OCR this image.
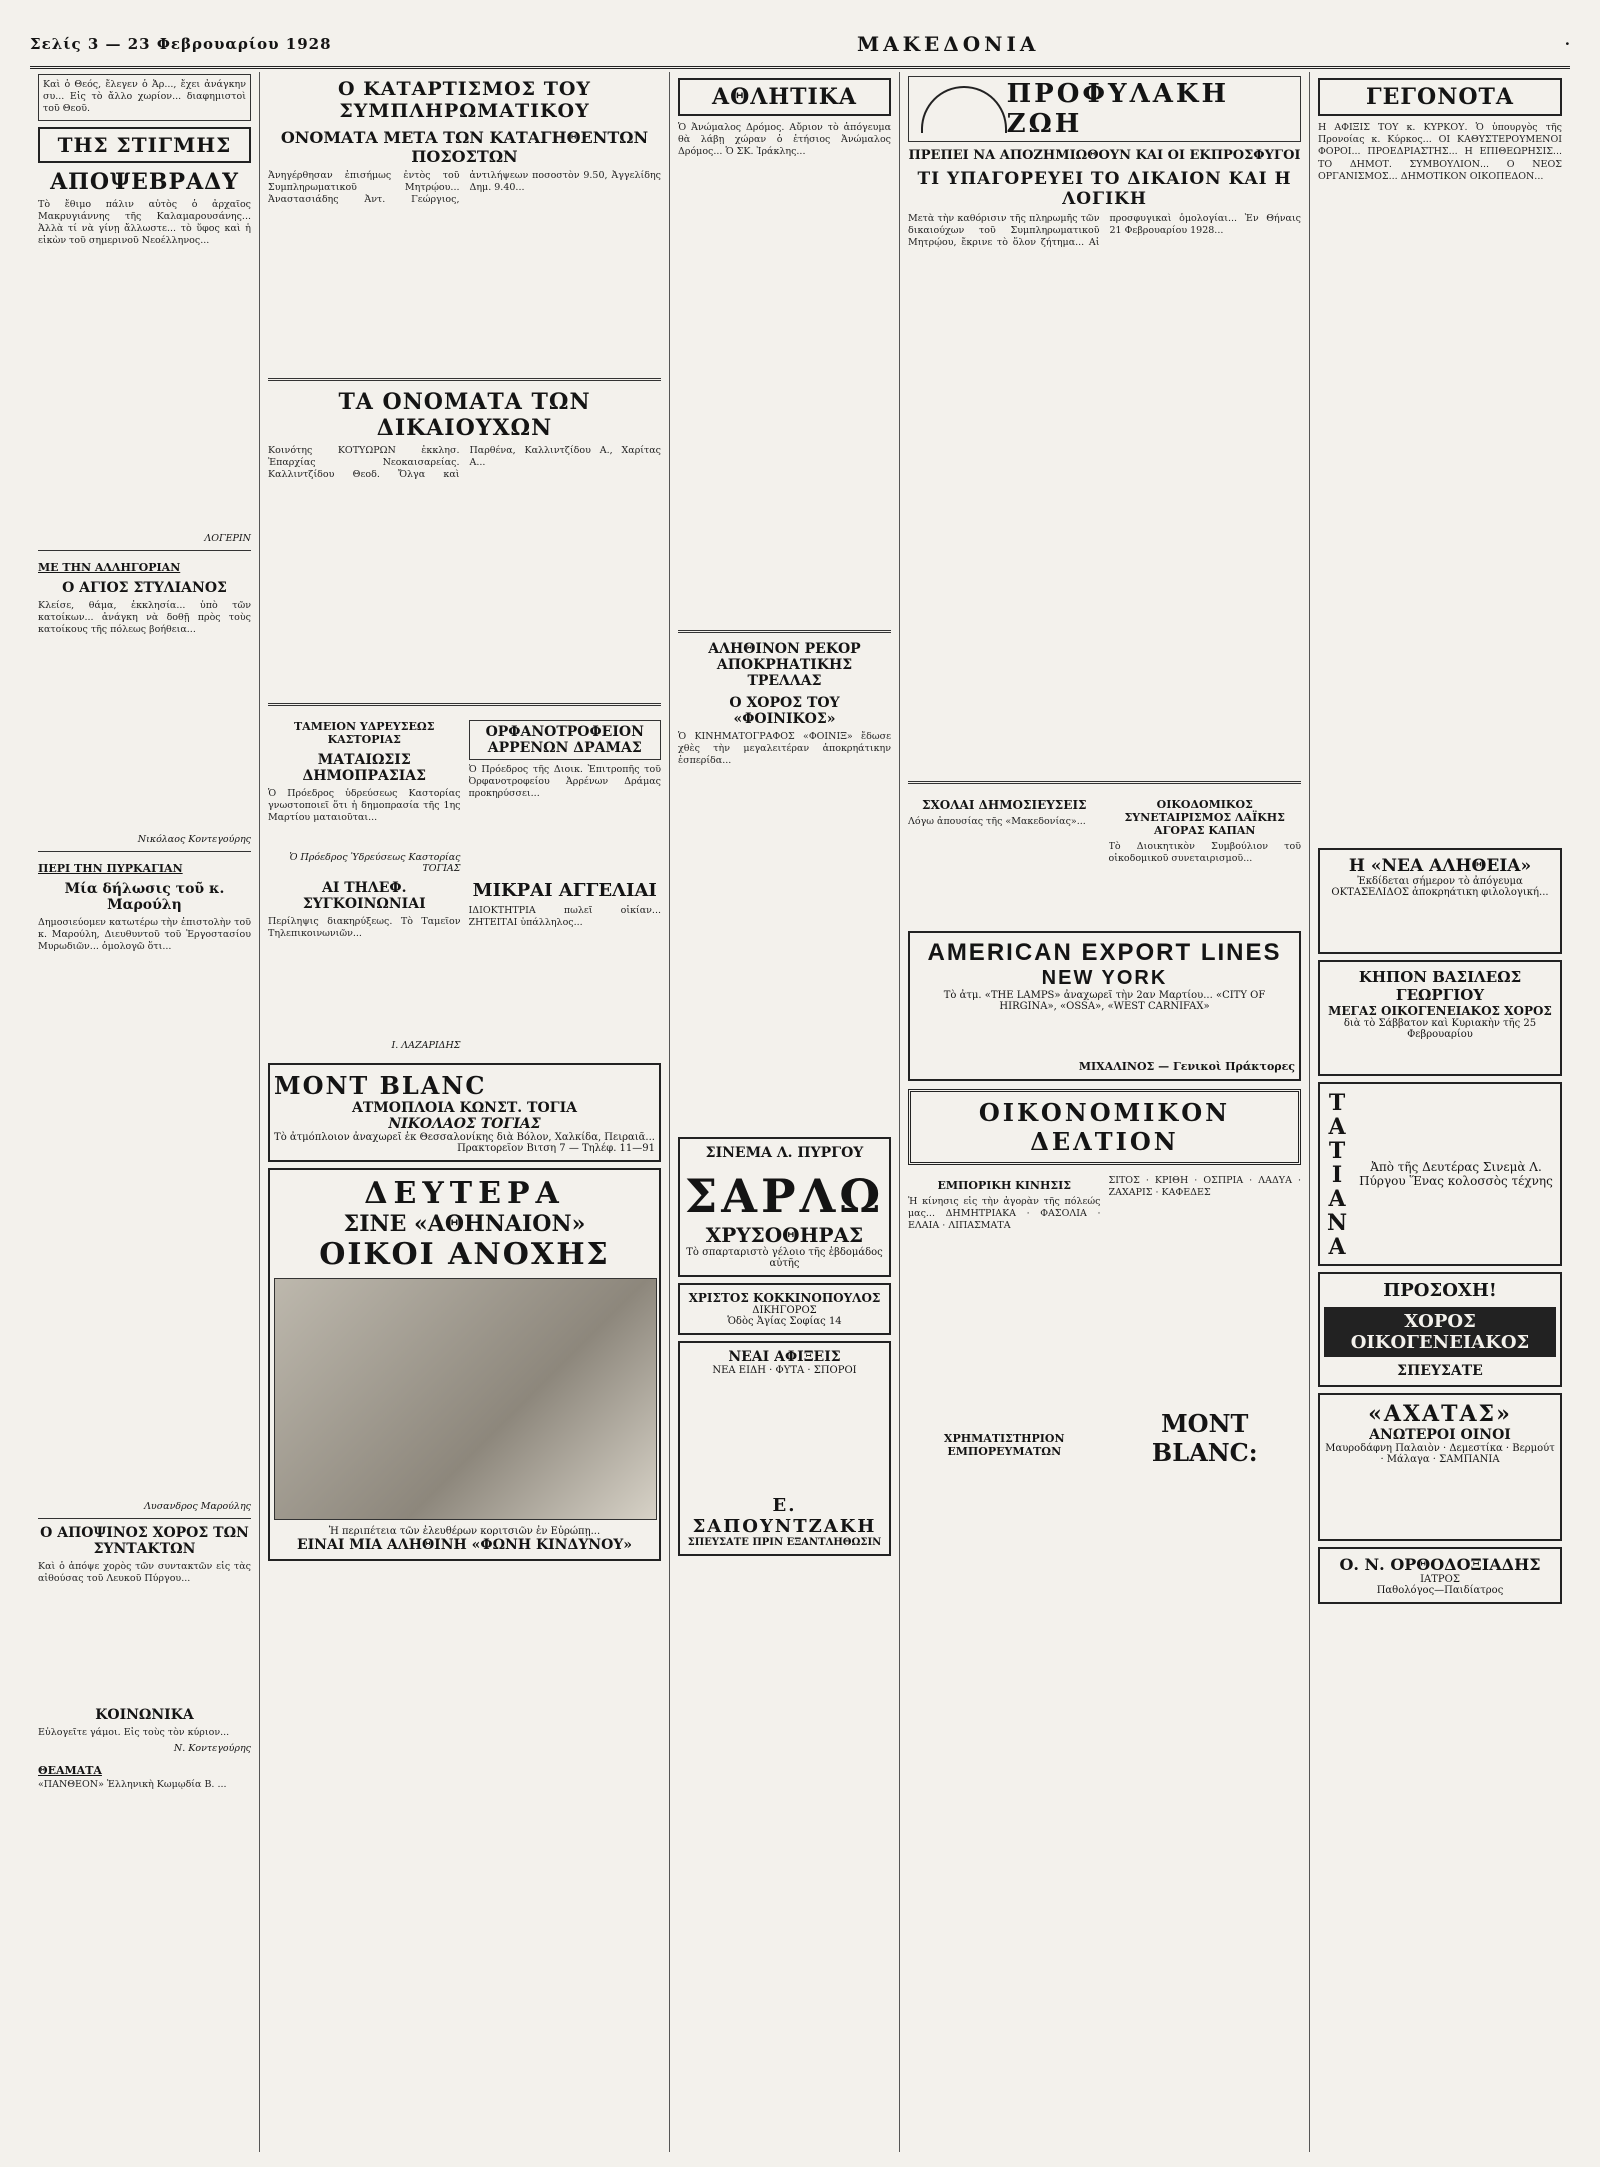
Σελίς 3 — 23 Φεβρουαρίου 1928	ΜΑΚΕΔΟΝΙΑ	·
Καὶ ὁ Θεός, ἔλεγεν ὁ Ἀρ..., ἔχει ἀνάγκην συ... Εἰς τὸ ἄλλο χωρίον... διαφημιστοὶ τοῦ Θεοῦ.
ΤΗΣ ΣΤΙΓΜΗΣ
ΑΠΟΨΕΒΡΑΔΥ
Τὸ ἔθιμο πάλιν αὐτὸς ὁ ἀρχαῖος Μακρυγιάννης τῆς Καλαμαρουσάνης... Ἀλλὰ τί νὰ γίνῃ ἄλλωστε... τὸ ὕφος καὶ ἡ εἰκὼν τοῦ σημερινοῦ Νεοέλληνος...
ΛΟΓΕΡΙΝ
ΜΕ ΤΗΝ ΑΛΛΗΓΟΡΙΑΝ
Ο ΑΓΙΟΣ ΣΤΥΛΙΑΝΟΣ
Κλείσε, θάμα, ἐκκλησία... ὑπὸ τῶν κατοίκων... ἀνάγκη νὰ δοθῇ πρὸς τοὺς κατοίκους τῆς πόλεως βοήθεια...
Νικόλαος Κοντεγούρης
ΠΕΡΙ ΤΗΝ ΠΥΡΚΑΓΙΑΝ
Μία δήλωσις τοῦ κ. Μαρούλη
Δημοσιεύομεν κατωτέρω τὴν ἐπιστολὴν τοῦ κ. Μαρούλη, Διευθυντοῦ τοῦ Ἐργοστασίου Μυρωδιῶν... ὁμολογῶ ὅτι...
Λυσανδρος Μαρούλης
Ο ΑΠΟΨΙΝΟΣ ΧΟΡΟΣ ΤΩΝ ΣΥΝΤΑΚΤΩΝ
Καὶ ὁ ἀπόψε χορὸς τῶν συντακτῶν εἰς τὰς αἰθούσας τοῦ Λευκοῦ Πύργου...
ΚΟΙΝΩΝΙΚΑ
Εὐλογεῖτε γάμοι. Εἰς τοὺς τὸν κύριον...
Ν. Κοντεγούρης
ΘΕΑΜΑΤΑ
«ΠΑΝΘΕΟΝ» Ἑλληνικὴ Κωμῳδία Β. ...
Ο ΚΑΤΑΡΤΙΣΜΟΣ ΤΟΥ ΣΥΜΠΛΗΡΩΜΑΤΙΚΟΥ
ΟΝΟΜΑΤΑ ΜΕΤΑ ΤΩΝ ΚΑΤΑΓΗΘΕΝΤΩΝ ΠΟΣΟΣΤΩΝ
Ἀνηγέρθησαν ἐπισήμως ἐντὸς τοῦ Συμπληρωματικοῦ Μητρῴου... Ἀναστασιάδης Ἀντ. Γεώργιος, ἀντιλήψεων ποσοστὸν 9.50, Ἀγγελίδης Δημ. 9.40...
ΤΑ ΟΝΟΜΑΤΑ ΤΩΝ ΔΙΚΑΙΟΥΧΩΝ
Κοινότης ΚΟΤΥΩΡΩΝ ἐκκλησ. Ἐπαρχίας Νεοκαισαρείας. Καλλιντζίδου Θεοδ. Ὄλγα καὶ Παρθένα, Καλλιντζίδου Α., Χαρίτας Α...
ΤΑΜΕΙΟΝ ΥΔΡΕΥΣΕΩΣ ΚΑΣΤΟΡΙΑΣ
ΜΑΤΑΙΩΣΙΣ ΔΗΜΟΠΡΑΣΙΑΣ
Ὁ Πρόεδρος ὑδρεύσεως Καστορίας γνωστοποιεῖ ὅτι ἡ δημοπρασία τῆς 1ης Μαρτίου ματαιοῦται...
Ὁ Πρόεδρος Ὑδρεύσεως Καστορίας ΤΟΓΙΑΣ
ΑΙ ΤΗΛΕΦ. ΣΥΓΚΟΙΝΩΝΙΑΙ
Περίληψις διακηρύξεως. Τὸ Ταμεῖον Τηλεπικοινωνιῶν...
Ι. ΛΑΖΑΡΙΔΗΣ
ΟΡΦΑΝΟΤΡΟΦΕΙΟΝ ΑΡΡΕΝΩΝ ΔΡΑΜΑΣ
Ὁ Πρόεδρος τῆς Διοικ. Ἐπιτροπῆς τοῦ Ὀρφανοτροφείου Ἀρρένων Δράμας προκηρύσσει...
ΜΙΚΡΑΙ ΑΓΓΕΛΙΑΙ
ΙΔΙΟΚΤΗΤΡΙΑ πωλεῖ οἰκίαν... ΖΗΤΕΙΤΑΙ ὑπάλληλος...
MONT BLANC
ΑΤΜΟΠΛΟΙΑ ΚΩΝΣΤ. ΤΟΓΙΑ
ΝΙΚΟΛΑΟΣ ΤΟΓΙΑΣ
Τὸ ἀτμόπλοιον ἀναχωρεῖ ἐκ Θεσσαλονίκης διὰ Βόλον, Χαλκίδα, Πειραιᾶ...
Πρακτορεῖον Βιτση 7 — Τηλέφ. 11—91
ΔΕΥΤΕΡΑ
ΣΙΝΕ «ΑΘΗΝΑΙΟΝ»
ΟΙΚΟΙ ΑΝΟΧΗΣ
Ἡ περιπέτεια τῶν ἐλευθέρων κοριτσιῶν ἐν Εὐρώπῃ...
ΕΙΝΑΙ ΜΙΑ ΑΛΗΘΙΝΗ «ΦΩΝΗ ΚΙΝΔΥΝΟΥ»
ΑΘΛΗΤΙΚΑ
Ὁ Ἀνώμαλος Δρόμος. Αὔριον τὸ ἀπόγευμα θὰ λάβῃ χώραν ὁ ἐτήσιος Ἀνώμαλος Δρόμος... Ὁ ΣΚ. Ἰράκλης...
ΑΛΗΘΙΝΟΝ ΡΕΚΟΡ ΑΠΟΚΡΗΑΤΙΚΗΣ ΤΡΕΛΛΑΣ
Ο ΧΟΡΟΣ ΤΟΥ «ΦΟΙΝΙΚΟΣ»
Ὁ ΚΙΝΗΜΑΤΟΓΡΑΦΟΣ «ΦΟΙΝΙΞ» ἔδωσε χθὲς τὴν μεγαλειτέραν ἀποκρηάτικην ἑσπερίδα...
ΣΙΝΕΜΑ Λ. ΠΥΡΓΟΥ
ΣΑΡΛΩ
ΧΡΥΣΟΘΗΡΑΣ
Τὸ σπαρταριστὸ γέλοιο τῆς ἑβδομάδος αὐτῆς
ΧΡΙΣΤΟΣ ΚΟΚΚΙΝΟΠΟΥΛΟΣ
ΔΙΚΗΓΟΡΟΣ
Ὁδὸς Ἀγίας Σοφίας 14
ΝΕΑΙ ΑΦΙΞΕΙΣ
ΝΕΑ ΕΙΔΗ · ΦΥΤΑ · ΣΠΟΡΟΙ
Ε. ΣΑΠΟΥΝΤΖΑΚΗ
ΣΠΕΥΣΑΤΕ ΠΡΙΝ ΕΞΑΝΤΛΗΘΩΣΙΝ
ΠΡΟΦΥΛΑΚΗ ΖΩΗ
ΠΡΕΠΕΙ ΝΑ ΑΠΟΖΗΜΙΩΘΟΥΝ ΚΑΙ ΟΙ ΕΚΠΡΟΣΦΥΓΟΙ
ΤΙ ΥΠΑΓΟΡΕΥΕΙ ΤΟ ΔΙΚΑΙΟΝ ΚΑΙ Η ΛΟΓΙΚΗ
Μετὰ τὴν καθόρισιν τῆς πληρωμῆς τῶν δικαιούχων τοῦ Συμπληρωματικοῦ Μητρῴου, ἔκρινε τὸ ὅλον ζήτημα... Αἱ προσφυγικαὶ ὁμολογίαι... Ἐν Θήναις 21 Φεβρουαρίου 1928...
ΣΧΟΛΑΙ ΔΗΜΟΣΙΕΥΣΕΙΣ
Λόγω ἀπουσίας τῆς «Μακεδονίας»...
ΟΙΚΟΔΟΜΙΚΟΣ ΣΥΝΕΤΑΙΡΙΣΜΟΣ ΛΑΪΚΗΣ ΑΓΟΡΑΣ ΚΑΠΑΝ
Τὸ Διοικητικὸν Συμβούλιον τοῦ οἰκοδομικοῦ συνεταιρισμοῦ...
AMERICAN EXPORT LINES
NEW YORK
Τὸ ἀτμ. «THE LAMPS» ἀναχωρεῖ τὴν 2αν Μαρτίου... «CITY OF HIRGINA», «OSSA», «WEST CARNIFAX»
ΜΙΧΑΛΙΝΟΣ — Γενικοὶ Πράκτορες
ΟΙΚΟΝΟΜΙΚΟΝ ΔΕΛΤΙΟΝ
ΕΜΠΟΡΙΚΗ ΚΙΝΗΣΙΣ
Ἡ κίνησις εἰς τὴν ἀγορὰν τῆς πόλεώς μας... ΔΗΜΗΤΡΙΑΚΑ · ΦΑΣΟΛΙΑ · ΕΛΑΙΑ · ΛΙΠΑΣΜΑΤΑ
ΧΡΗΜΑΤΙΣΤΗΡΙΟΝ ΕΜΠΟΡΕΥΜΑΤΩΝ
ΣΙΤΟΣ · ΚΡΙΘΗ · ΟΣΠΡΙΑ · ΛΑΔΥΑ · ΖΑΧΑΡΙΣ · ΚΑΦΕΔΕΣ
MONT BLANC:
ΓΕΓΟΝΟΤΑ
Η ΑΦΙΞΙΣ ΤΟΥ κ. ΚΥΡΚΟΥ. Ὁ ὑπουργὸς τῆς Προνοίας κ. Κύρκος... ΟΙ ΚΑΘΥΣΤΕΡΟΥΜΕΝΟΙ ΦΟΡΟΙ... ΠΡΟΕΔΡΙΑΣΤΗΣ... Η ΕΠΙΘΕΩΡΗΣΙΣ... ΤΟ ΔΗΜΟΤ. ΣΥΜΒΟΥΛΙΟΝ... Ο ΝΕΟΣ ΟΡΓΑΝΙΣΜΟΣ... ΔΗΜΟΤΙΚΟΝ ΟΙΚΟΠΕΔΟΝ...
Η «ΝΕΑ ΑΛΗΘΕΙΑ»
Ἐκδίδεται σήμερον τὸ ἀπόγευμα ΟΚΤΑΣΕΛΙΔΟΣ ἀποκρηάτικη φιλολογική...
ΚΗΠΟΝ ΒΑΣΙΛΕΩΣ ΓΕΩΡΓΙΟΥ
ΜΕΓΑΣ ΟΙΚΟΓΕΝΕΙΑΚΟΣ ΧΟΡΟΣ
διὰ τὸ Σάββατον καὶ Κυριακὴν τῆς 25 Φεβρουαρίου
ΤΑΤΙΑΝΑ	Ἀπὸ τῆς Δευτέρας Σινεμὰ Λ. Πύργου Ἕνας κολοσσὸς τέχνης
ΠΡΟΣΟΧΗ!
ΧΟΡΟΣ ΟΙΚΟΓΕΝΕΙΑΚΟΣ
ΣΠΕΥΣΑΤΕ
«ΑΧΑΤΑΣ»
ΑΝΩΤΕΡΟΙ ΟΙΝΟΙ
Μαυροδάφνη Παλαιὸν · Δεμεστίκα · Βερμούτ · Μάλαγα · ΣΑΜΠΑΝΙΑ
Ο. Ν. ΟΡΘΟΔΟΞΙΑΔΗΣ
ΙΑΤΡΟΣ
Παθολόγος—Παιδίατρος
